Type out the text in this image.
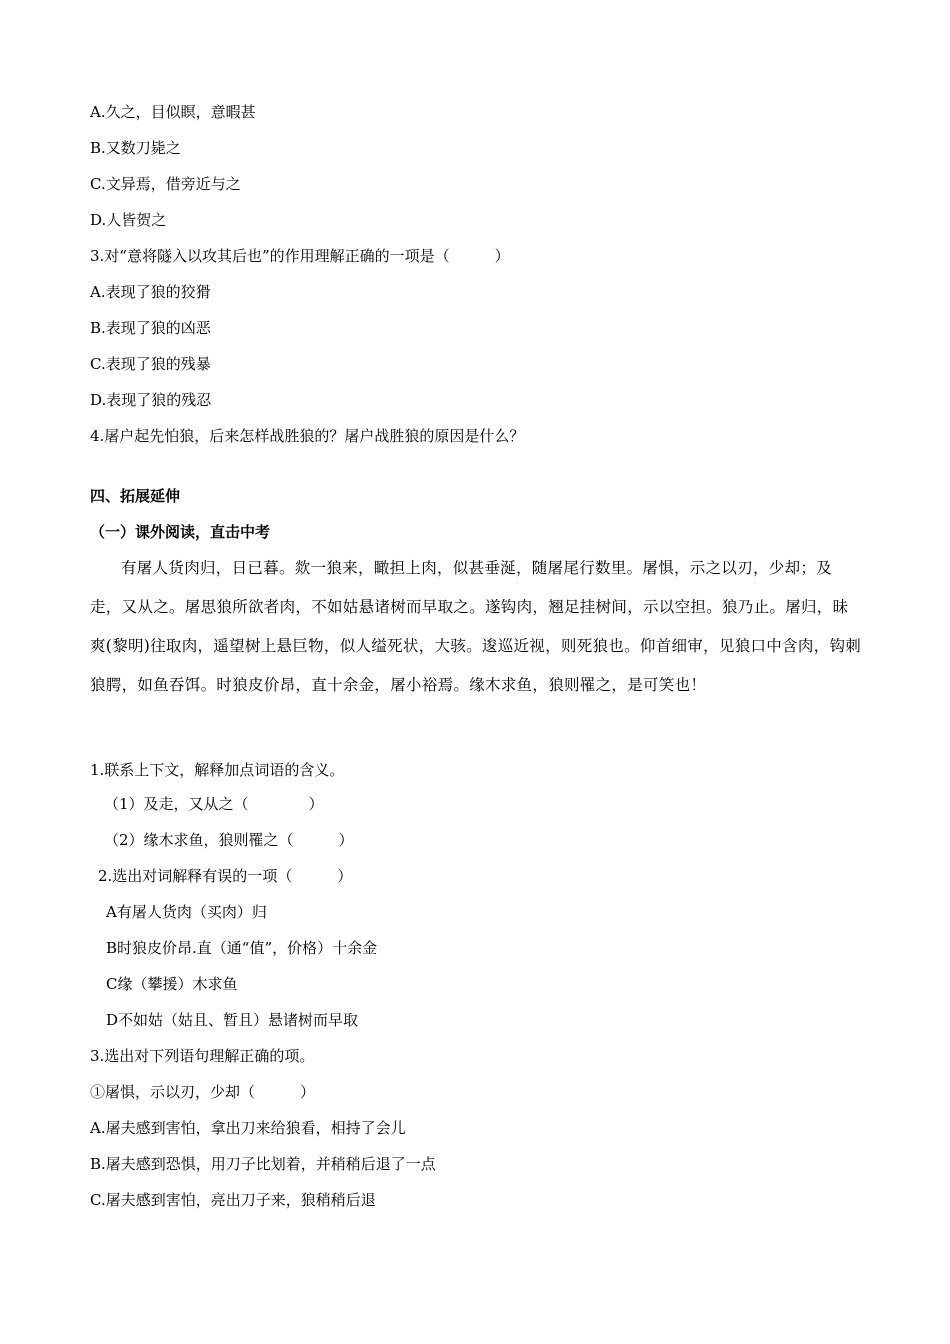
A.久之，目似瞑，意暇甚

B.又数刀毙之

C.文异焉，借旁近与之

D.人皆贺之

3.对“意将隧入以攻其后也”的作用理解正确的一项是（　　　）

A.表现了狼的狡猾

B.表现了狼的凶恶

C.表现了狼的残暴

D.表现了狼的残忍

4.屠户起先怕狼，后来怎样战胜狼的？屠户战胜狼的原因是什么？

四、拓展延伸

（一）课外阅读，直击中考

有屠人货肉归，日已暮。欻一狼来，瞰担上肉，似甚垂涎，随屠尾行数里。屠惧，示之以刃，少却；及走，又从之。屠思狼所欲者肉，不如姑悬诸树而早取之。遂钩肉，翘足挂树间，示以空担。狼乃止。屠归，昧爽(黎明)往取肉，遥望树上悬巨物，似人缢死状，大骇。逡巡近视，则死狼也。仰首细审，见狼口中含肉，钩刺狼腭，如鱼吞饵。时狼皮价昂，直十余金，屠小裕焉。缘木求鱼，狼则罹之，是可笑也！

1.联系上下文，解释加点词语的含义。

（1）及走，又从之（　　　　）

（2）缘木求鱼，狼则罹之（　　　）

2.选出对词解释有误的一项（　　　）

A有屠人货肉（买肉）归

B时狼皮价昂.直（通“值”，价格）十余金

C缘（攀援）木求鱼

D不如姑（姑且、暂且）悬诸树而早取

3.选出对下列语句理解正确的项。

①屠惧，示以刃，少却（　　　）

A.屠夫感到害怕，拿出刀来给狼看，相持了会儿

B.屠夫感到恐惧，用刀子比划着，并稍稍后退了一点

C.屠夫感到害怕，亮出刀子来，狼稍稍后退
